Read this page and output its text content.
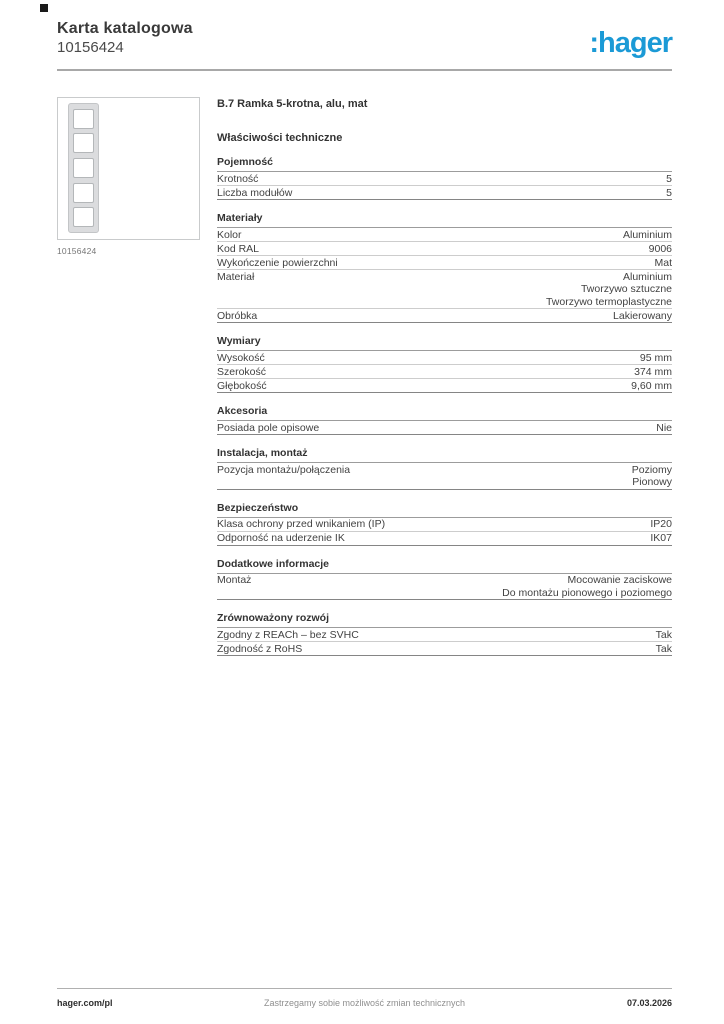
Karta katalogowa
10156424	:hager
10156424
B.7 Ramka 5-krotna, alu, mat
Właściwości techniczne
Pojemność
Krotność	5
Liczba modułów	5
Materiały
Kolor	Aluminium
Kod RAL	9006
Wykończenie powierzchni	Mat
Materiał	Aluminium
Tworzywo sztuczne
Tworzywo termoplastyczne
Obróbka	Lakierowany
Wymiary
Wysokość	95 mm
Szerokość	374 mm
Głębokość	9,60 mm
Akcesoria
Posiada pole opisowe	Nie
Instalacja, montaż
Pozycja montażu/połączenia	Poziomy
Pionowy
Bezpieczeństwo
Klasa ochrony przed wnikaniem (IP)	IP20
Odporność na uderzenie IK	IK07
Dodatkowe informacje
Montaż	Mocowanie zaciskowe
Do montażu pionowego i poziomego
Zrównoważony rozwój
Zgodny z REACh – bez SVHC	Tak
Zgodność z RoHS	Tak
hager.com/pl	Zastrzegamy sobie możliwość zmian technicznych	07.03.2026
